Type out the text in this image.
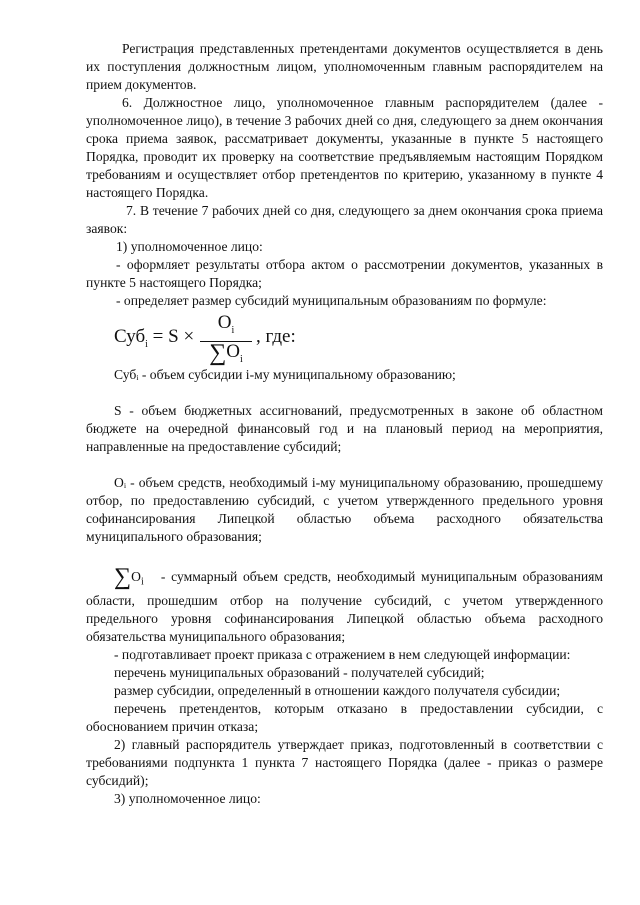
Регистрация представленных претендентами документов осуществляется в день их поступления должностным лицом, уполномоченным главным распорядителем на прием документов.

6. Должностное лицо, уполномоченное главным распорядителем (далее - уполномоченное лицо), в течение 3 рабочих дней со дня, следующего за днем окончания срока приема заявок, рассматривает документы, указанные в пункте 5 настоящего Порядка, проводит их проверку на соответствие предъявляемым настоящим Порядком требованиям и осуществляет отбор претендентов по критерию, указанному в пункте 4 настоящего Порядка.

7. В течение 7 рабочих дней со дня, следующего за днем окончания срока приема заявок:

1) уполномоченное лицо:

- оформляет результаты отбора актом о рассмотрении документов, указанных в пункте 5 настоящего Порядка;

- определяет размер субсидий муниципальным образованиям по формуле:

$Суб_i = S \times \frac{O_i}{\sum O_i}$ , где:

Субᵢ - объем субсидии i-му муниципальному образованию;

S - объем бюджетных ассигнований, предусмотренных в законе об областном бюджете на очередной финансовый год и на плановый период на мероприятия, направленные на предоставление субсидий;

Oᵢ - объем средств, необходимый i-му муниципальному образованию, прошедшему отбор, по предоставлению субсидий, с учетом утвержденного предельного уровня софинансирования Липецкой областью объема расходного обязательства муниципального образования;

$\sum O_i$ - суммарный объем средств, необходимый муниципальным образованиям области, прошедшим отбор на получение субсидий, с учетом утвержденного предельного уровня софинансирования Липецкой областью объема расходного обязательства муниципального образования;

- подготавливает проект приказа с отражением в нем следующей информации:

перечень муниципальных образований - получателей субсидий;

размер субсидии, определенный в отношении каждого получателя субсидии;

перечень претендентов, которым отказано в предоставлении субсидии, с обоснованием причин отказа;

2) главный распорядитель утверждает приказ, подготовленный в соответствии с требованиями подпункта 1 пункта 7 настоящего Порядка (далее - приказ о размере субсидий);

3) уполномоченное лицо:
